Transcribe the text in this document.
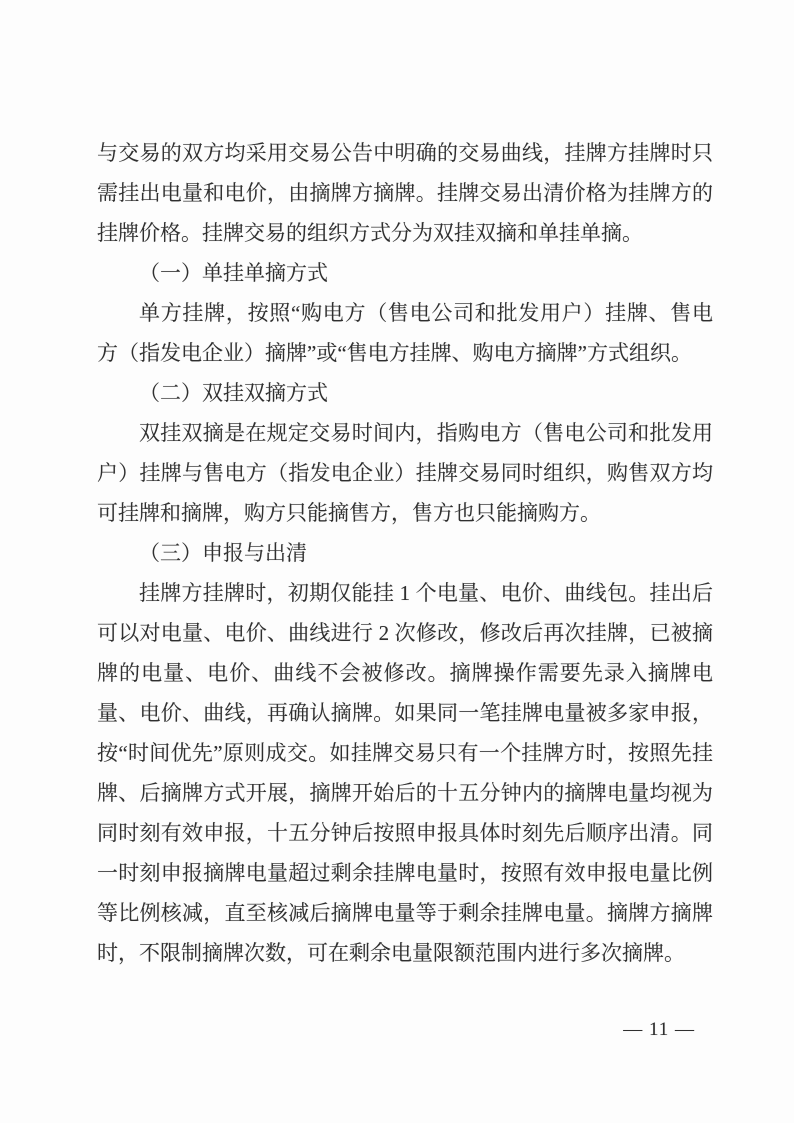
与交易的双方均采用交易公告中明确的交易曲线，挂牌方挂牌时只需挂出电量和电价，由摘牌方摘牌。挂牌交易出清价格为挂牌方的挂牌价格。挂牌交易的组织方式分为双挂双摘和单挂单摘。

（一）单挂单摘方式

单方挂牌，按照“购电方（售电公司和批发用户）挂牌、售电方（指发电企业）摘牌”或“售电方挂牌、购电方摘牌”方式组织。

（二）双挂双摘方式

双挂双摘是在规定交易时间内，指购电方（售电公司和批发用户）挂牌与售电方（指发电企业）挂牌交易同时组织，购售双方均可挂牌和摘牌，购方只能摘售方，售方也只能摘购方。

（三）申报与出清

挂牌方挂牌时，初期仅能挂 1 个电量、电价、曲线包。挂出后可以对电量、电价、曲线进行 2 次修改，修改后再次挂牌，已被摘牌的电量、电价、曲线不会被修改。摘牌操作需要先录入摘牌电量、电价、曲线，再确认摘牌。如果同一笔挂牌电量被多家申报，按“时间优先”原则成交。如挂牌交易只有一个挂牌方时，按照先挂牌、后摘牌方式开展，摘牌开始后的十五分钟内的摘牌电量均视为同时刻有效申报，十五分钟后按照申报具体时刻先后顺序出清。同一时刻申报摘牌电量超过剩余挂牌电量时，按照有效申报电量比例等比例核减，直至核减后摘牌电量等于剩余挂牌电量。摘牌方摘牌时，不限制摘牌次数，可在剩余电量限额范围内进行多次摘牌。

— 11 —
